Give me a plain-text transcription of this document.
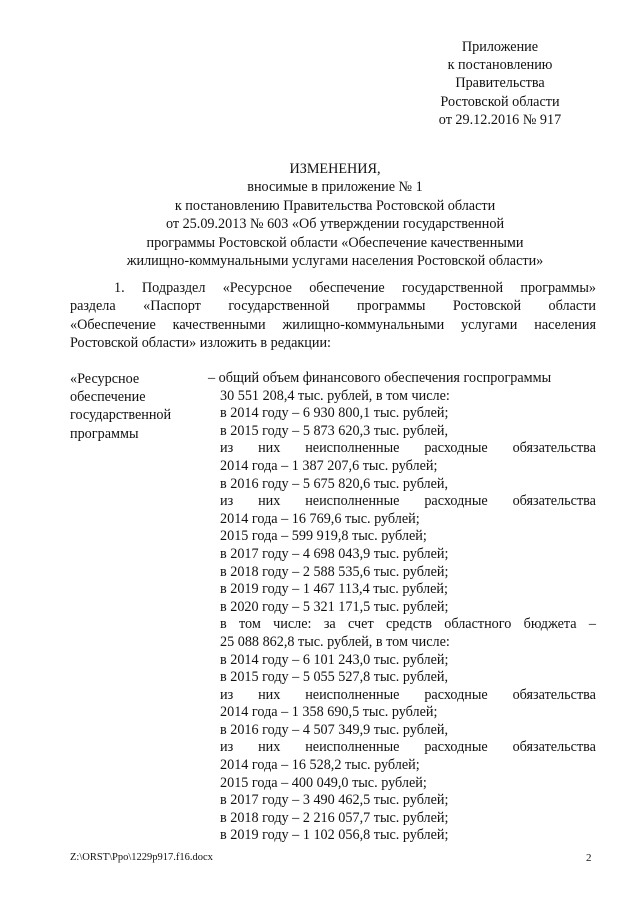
Приложение
к постановлению
Правительства
Ростовской области
от 29.12.2016 № 917
ИЗМЕНЕНИЯ,
вносимые в приложение № 1
к постановлению Правительства Ростовской области
от 25.09.2013 № 603 «Об утверждении государственной
программы Ростовской области «Обеспечение качественными
жилищно-коммунальными услугами населения Ростовской области»
1. Подраздел «Ресурсное обеспечение государственной программы»
раздела «Паспорт государственной программы Ростовской области
«Обеспечение качественными жилищно-коммунальными услугами населения
Ростовской области» изложить в редакции:
«Ресурсное
обеспечение
государственной
программы
– общий объем финансового обеспечения госпрограммы
30 551 208,4 тыс. рублей, в том числе:
в 2014 году – 6 930 800,1 тыс. рублей;
в 2015 году – 5 873 620,3 тыс. рублей,
из них неисполненные расходные обязательства
2014 года – 1 387 207,6 тыс. рублей;
в 2016 году – 5 675 820,6 тыс. рублей,
из них неисполненные расходные обязательства
2014 года – 16 769,6 тыс. рублей;
2015 года – 599 919,8 тыс. рублей;
в 2017 году – 4 698 043,9 тыс. рублей;
в 2018 году – 2 588 535,6 тыс. рублей;
в 2019 году – 1 467 113,4 тыс. рублей;
в 2020 году – 5 321 171,5 тыс. рублей;
в том числе: за счет средств областного бюджета –
25 088 862,8 тыс. рублей, в том числе:
в 2014 году – 6 101 243,0 тыс. рублей;
в 2015 году – 5 055 527,8 тыс. рублей,
из них неисполненные расходные обязательства
2014 года – 1 358 690,5 тыс. рублей;
в 2016 году – 4 507 349,9 тыс. рублей,
из них неисполненные расходные обязательства
2014 года – 16 528,2 тыс. рублей;
2015 года – 400 049,0 тыс. рублей;
в 2017 году – 3 490 462,5 тыс. рублей;
в 2018 году – 2 216 057,7 тыс. рублей;
в 2019 году – 1 102 056,8 тыс. рублей;
Z:\ORST\Ppo\1229p917.f16.docx	2
